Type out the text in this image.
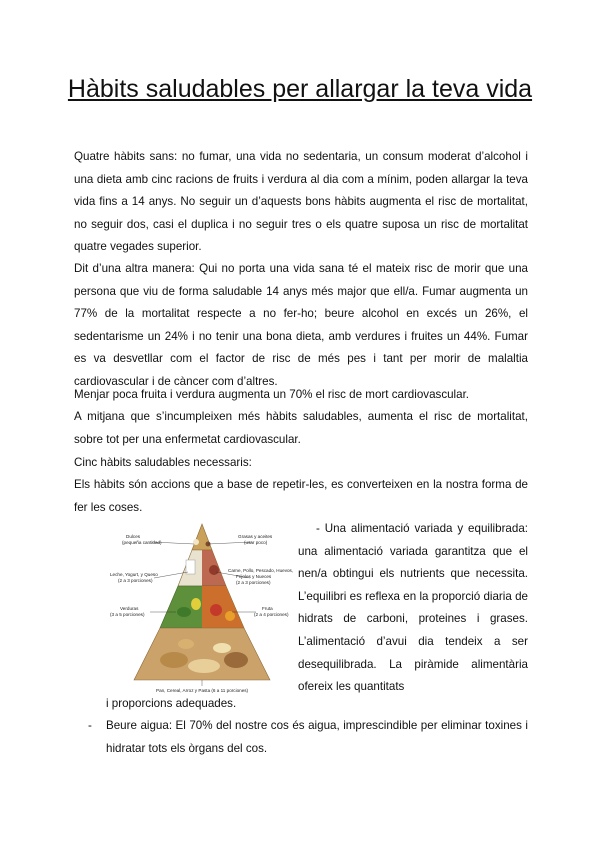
Hàbits saludables per allargar la teva vida

Quatre hàbits sans: no fumar, una vida no sedentaria, un consum moderat d’alcohol i una dieta amb cinc racions de fruits i verdura al dia com a mínim, poden allargar la teva vida fins a 14 anys. No seguir un d’aquests bons hàbits augmenta el risc de mortalitat, no seguir dos, casi el duplica i no seguir tres o els quatre suposa un risc de mortalitat quatre vegades superior.

Dit d’una altra manera: Qui no porta una vida sana té el mateix risc de morir que una persona que viu de forma saludable 14 anys més major que ell/a. Fumar augmenta un 77% de la mortalitat respecte a no fer-ho; beure alcohol en excés un 26%, el sedentarisme un 24% i no tenir una bona dieta, amb verdures i fruites un 44%. Fumar es va desvetllar com el factor de risc de més pes i tant per morir de malaltia cardiovascular i de càncer com d’altres.

Menjar poca fruita i verdura augmenta un 70% el risc de mort cardiovascular.

A mitjana que s’incumpleixen més hàbits saludables, aumenta el risc de mortalitat, sobre tot per una enfermetat cardiovascular.

Cinc hàbits saludables necessaris:

Els hàbits són accions que a base de repetir-les, es converteixen en la nostra forma de fer les coses.

Dulces
(pequeña cantidad)
Grasas y aceites
(usar poco)
Leche, Yogurt, y Queso
(2 a 3 porciones)
Carne, Pollo, Pescado, Huevos,
Frijoles y Nueces
(2 a 3 porciones)
Verduras
(3 a 5 porciones)
Fruta
(2 a 4 porciones)
Pan, Cereal, Arroz y Pasta (6 a 11 porciones)

- Una alimentació variada y equilibrada: una alimentació variada garantitza que el nen/a obtingui els nutrients que necessita. L’equilibri es reflexa en la proporció diaria de hidrats de carboni, proteines i grases. L’alimentació d’avui dia tendeix a ser desequilibrada. La piràmide alimentària ofereix les quantitats

i proporcions adequades.

- Beure aigua: El 70% del nostre cos és aigua, imprescindible per eliminar toxines i hidratar tots els òrgans del cos.
